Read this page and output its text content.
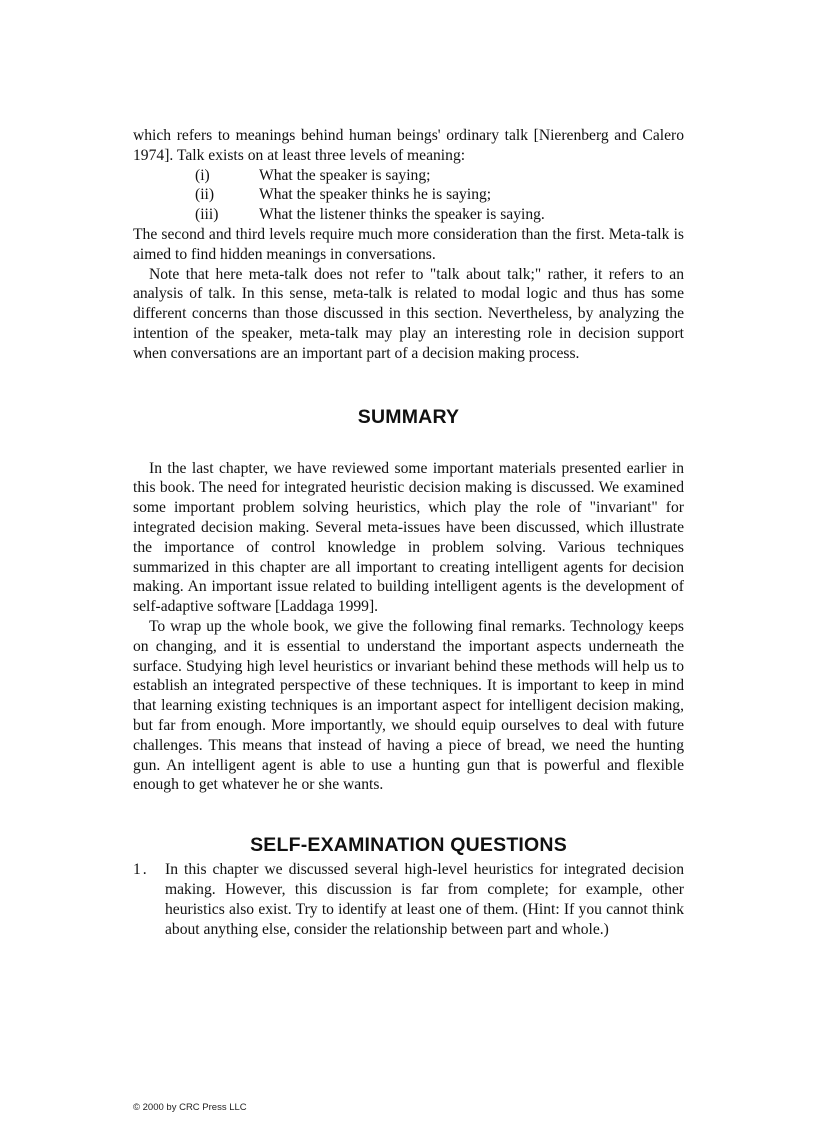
which refers to meanings behind human beings' ordinary talk [Nierenberg and Calero 1974]. Talk exists on at least three levels of meaning:

(i)	What the speaker is saying;
(ii)	What the speaker thinks he is saying;
(iii)	What the listener thinks the speaker is saying.

The second and third levels require much more consideration than the first. Meta-talk is aimed to find hidden meanings in conversations.

Note that here meta-talk does not refer to "talk about talk;" rather, it refers to an analysis of talk. In this sense, meta-talk is related to modal logic and thus has some different concerns than those discussed in this section. Nevertheless, by analyzing the intention of the speaker, meta-talk may play an interesting role in decision support when conversations are an important part of a decision making process.

SUMMARY

In the last chapter, we have reviewed some important materials presented earlier in this book. The need for integrated heuristic decision making is discussed. We examined some important problem solving heuristics, which play the role of "invariant" for integrated decision making. Several meta-issues have been discussed, which illustrate the importance of control knowledge in problem solving. Various techniques summarized in this chapter are all important to creating intelligent agents for decision making. An important issue related to building intelligent agents is the development of self-adaptive software [Laddaga 1999].

To wrap up the whole book, we give the following final remarks. Technology keeps on changing, and it is essential to understand the important aspects underneath the surface. Studying high level heuristics or invariant behind these methods will help us to establish an integrated perspective of these techniques. It is important to keep in mind that learning existing techniques is an important aspect for intelligent decision making, but far from enough. More importantly, we should equip ourselves to deal with future challenges. This means that instead of having a piece of bread, we need the hunting gun. An intelligent agent is able to use a hunting gun that is powerful and flexible enough to get whatever he or she wants.

SELF-EXAMINATION QUESTIONS
1.	In this chapter we discussed several high-level heuristics for integrated decision making. However, this discussion is far from complete; for example, other heuristics also exist. Try to identify at least one of them. (Hint: If you cannot think about anything else, consider the relationship between part and whole.)
© 2000 by CRC Press LLC
